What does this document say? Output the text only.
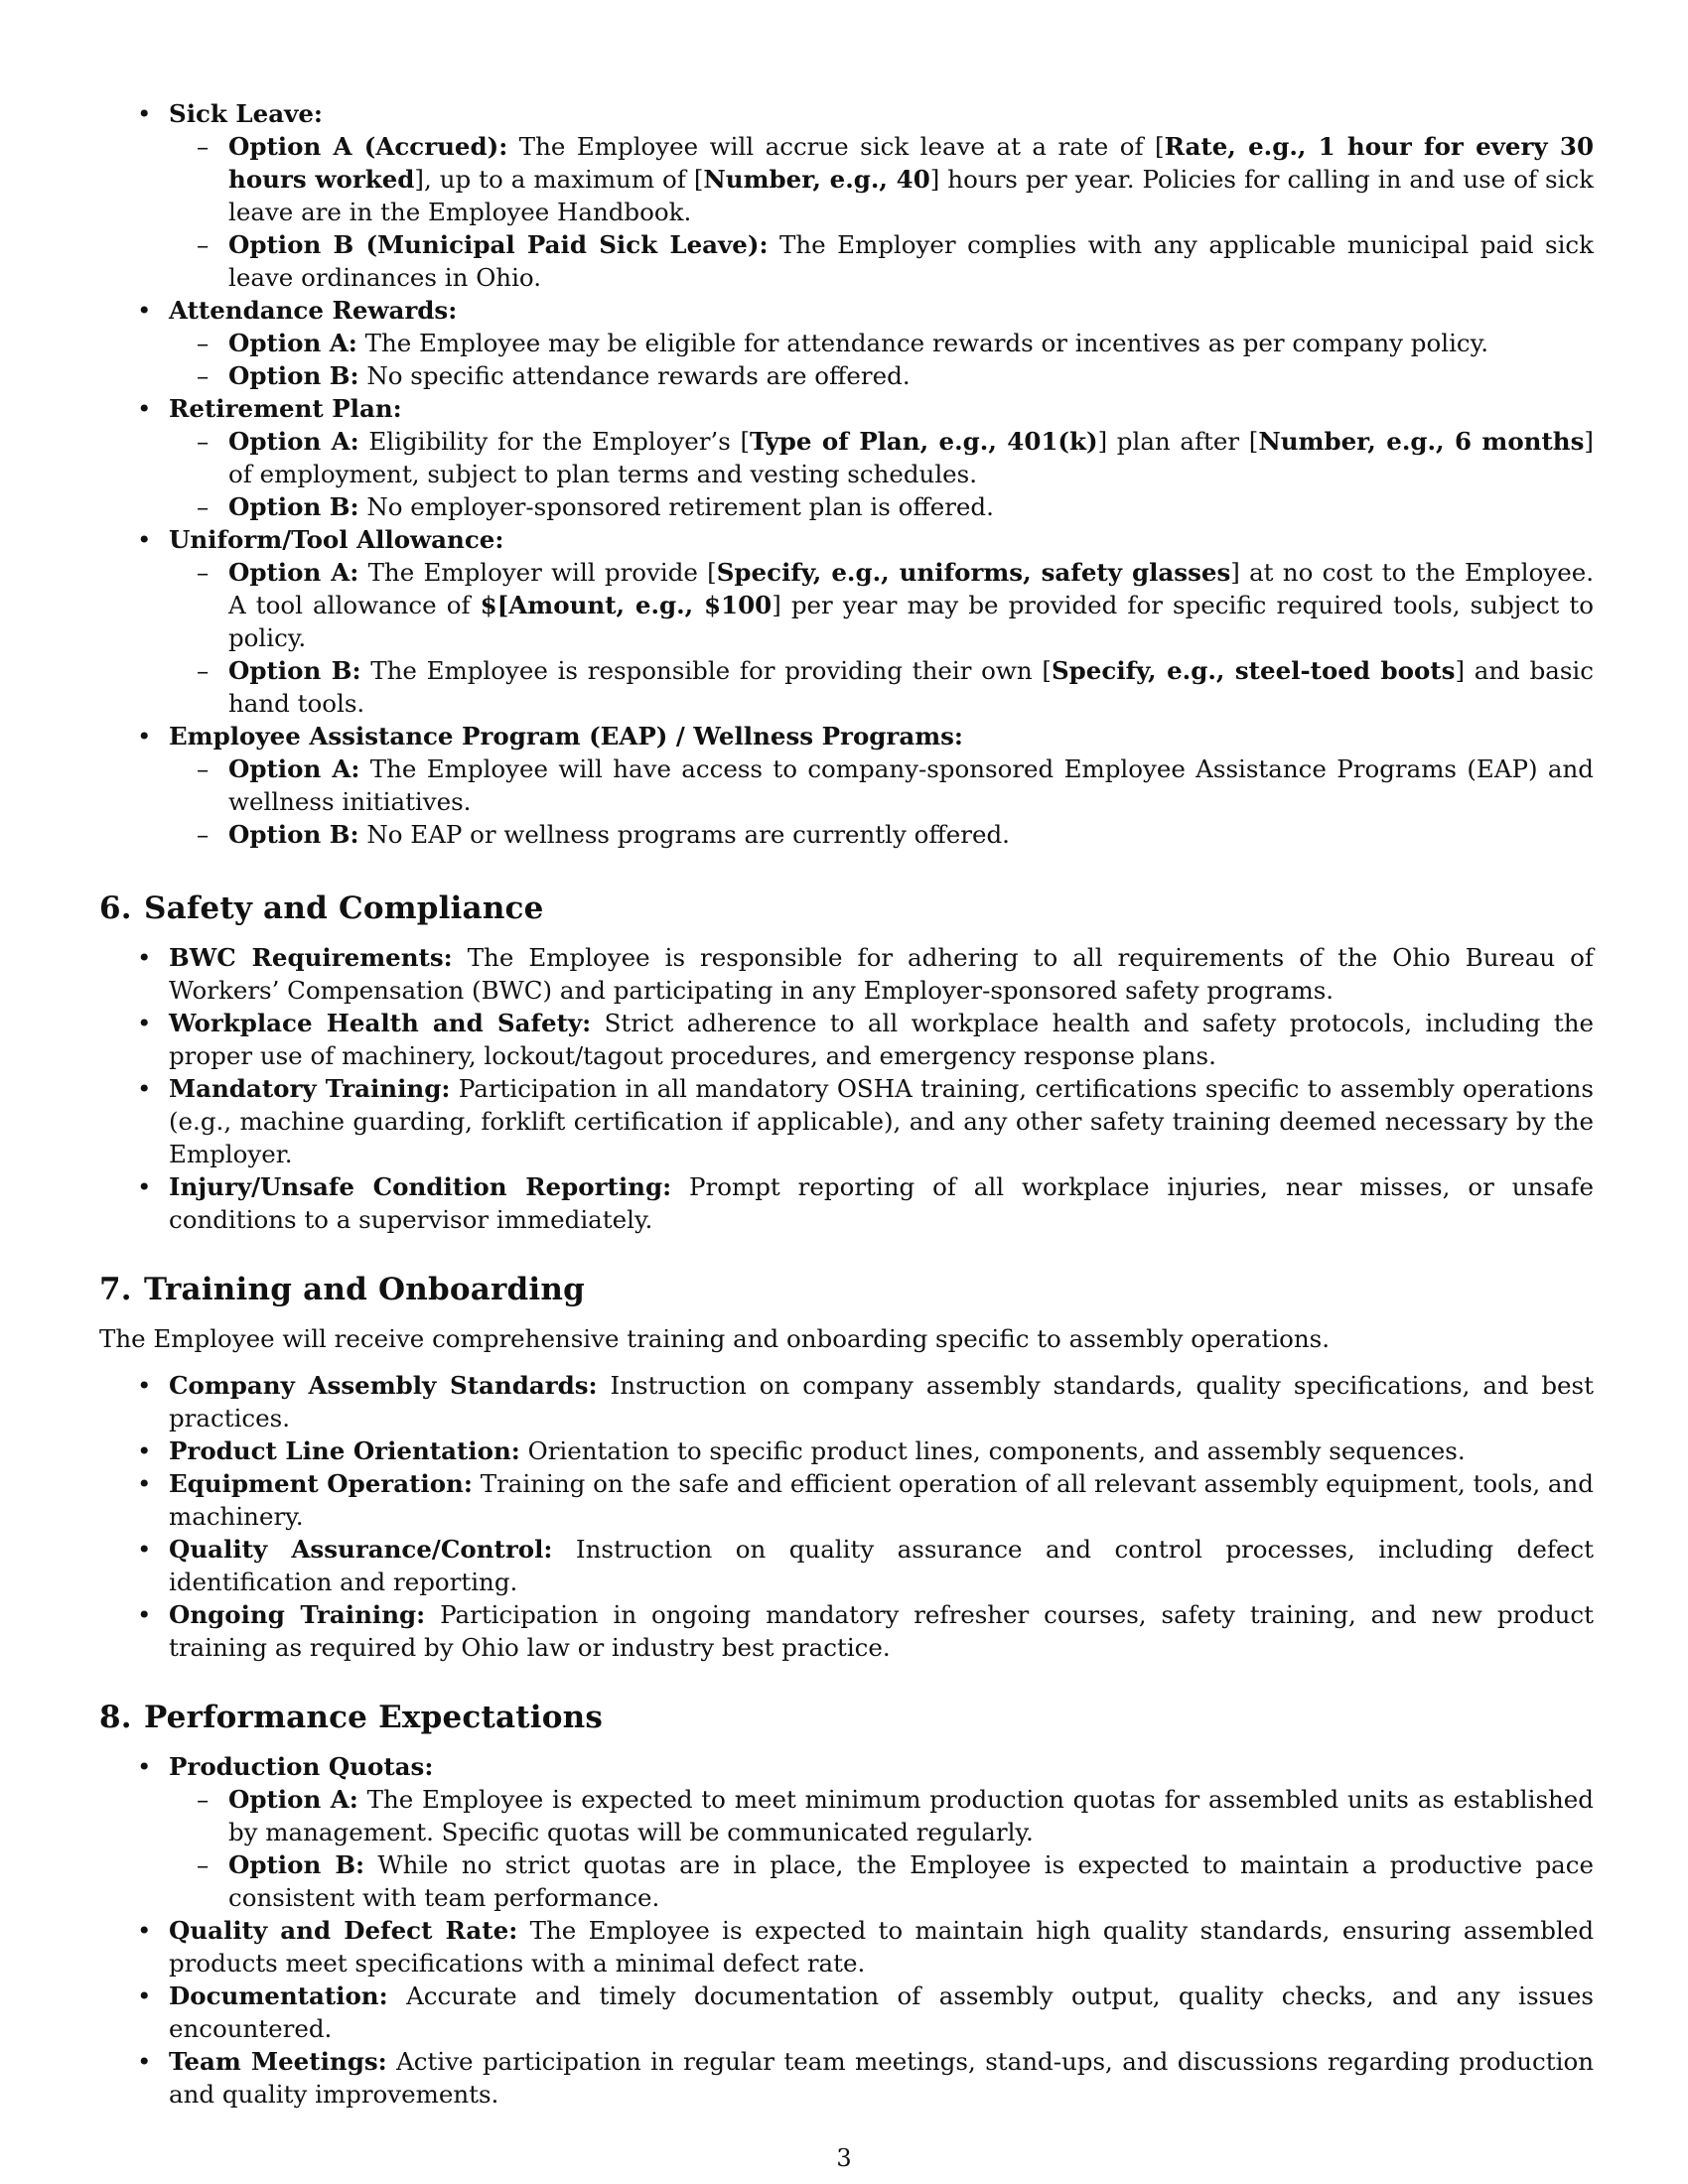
• Sick Leave:
– Option A (Accrued): The Employee will accrue sick leave at a rate of [Rate, e.g., 1 hour for every 30 hours worked], up to a maximum of [Number, e.g., 40] hours per year. Policies for calling in and use of sick leave are in the Employee Handbook.
– Option B (Municipal Paid Sick Leave): The Employer complies with any applicable municipal paid sick leave ordinances in Ohio.
• Attendance Rewards:
– Option A: The Employee may be eligible for attendance rewards or incentives as per company policy.
– Option B: No specific attendance rewards are offered.
• Retirement Plan:
– Option A: Eligibility for the Employer’s [Type of Plan, e.g., 401(k)] plan after [Number, e.g., 6 months] of employment, subject to plan terms and vesting schedules.
– Option B: No employer-sponsored retirement plan is offered.
• Uniform/Tool Allowance:
– Option A: The Employer will provide [Specify, e.g., uniforms, safety glasses] at no cost to the Employee. A tool allowance of $[Amount, e.g., $100] per year may be provided for specific required tools, subject to policy.
– Option B: The Employee is responsible for providing their own [Specify, e.g., steel-toed boots] and basic hand tools.
• Employee Assistance Program (EAP) / Wellness Programs:
– Option A: The Employee will have access to company-sponsored Employee Assistance Programs (EAP) and wellness initiatives.
– Option B: No EAP or wellness programs are currently offered.
6. Safety and Compliance
• BWC Requirements: The Employee is responsible for adhering to all requirements of the Ohio Bureau of Workers’ Compensation (BWC) and participating in any Employer-sponsored safety programs.
• Workplace Health and Safety: Strict adherence to all workplace health and safety protocols, including the proper use of machinery, lockout/tagout procedures, and emergency response plans.
• Mandatory Training: Participation in all mandatory OSHA training, certifications specific to assembly operations (e.g., machine guarding, forklift certification if applicable), and any other safety training deemed necessary by the Employer.
• Injury/Unsafe Condition Reporting: Prompt reporting of all workplace injuries, near misses, or unsafe conditions to a supervisor immediately.
7. Training and Onboarding

The Employee will receive comprehensive training and onboarding specific to assembly operations.

• Company Assembly Standards: Instruction on company assembly standards, quality specifications, and best practices.
• Product Line Orientation: Orientation to specific product lines, components, and assembly sequences.
• Equipment Operation: Training on the safe and efficient operation of all relevant assembly equipment, tools, and machinery.
• Quality Assurance/Control: Instruction on quality assurance and control processes, including defect identification and reporting.
• Ongoing Training: Participation in ongoing mandatory refresher courses, safety training, and new product training as required by Ohio law or industry best practice.
8. Performance Expectations
• Production Quotas:
– Option A: The Employee is expected to meet minimum production quotas for assembled units as established by management. Specific quotas will be communicated regularly.
– Option B: While no strict quotas are in place, the Employee is expected to maintain a productive pace consistent with team performance.
• Quality and Defect Rate: The Employee is expected to maintain high quality standards, ensuring assembled products meet specifications with a minimal defect rate.
• Documentation: Accurate and timely documentation of assembly output, quality checks, and any issues encountered.
• Team Meetings: Active participation in regular team meetings, stand-ups, and discussions regarding production and quality improvements.
3
